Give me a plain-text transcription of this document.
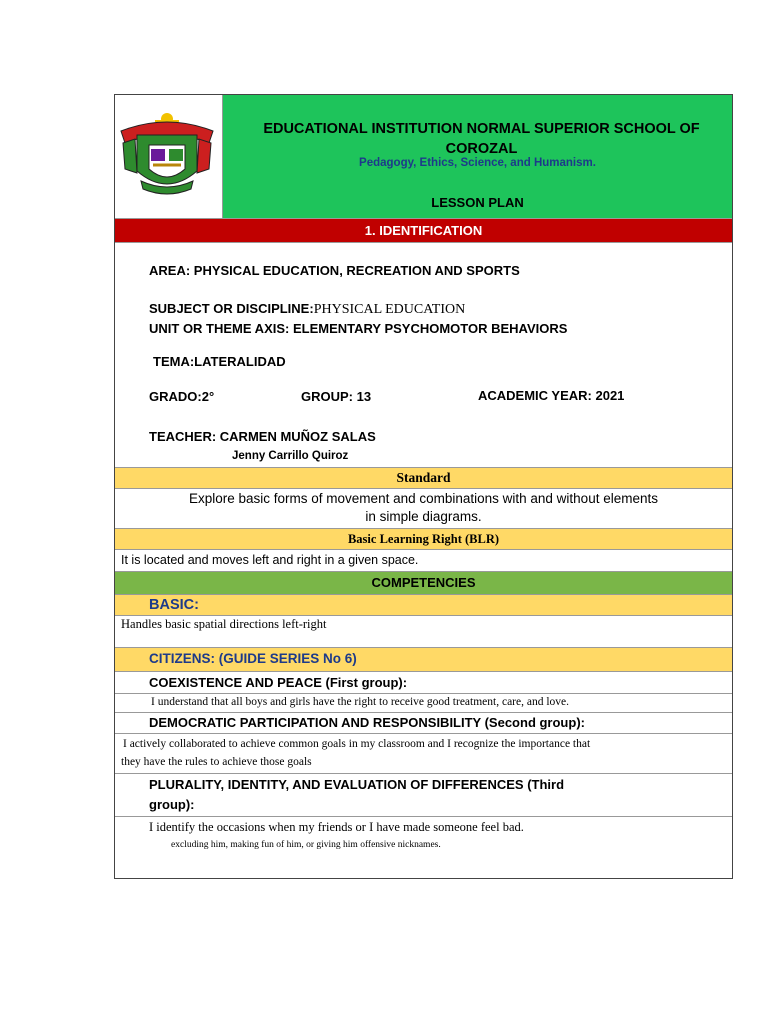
EDUCATIONAL INSTITUTION NORMAL SUPERIOR SCHOOL OF COROZAL
Pedagogy, Ethics, Science, and Humanism.
LESSON PLAN
1. IDENTIFICATION
AREA: PHYSICAL EDUCATION, RECREATION AND SPORTS
SUBJECT OR DISCIPLINE:PHYSICAL EDUCATION
UNIT OR THEME AXIS: ELEMENTARY PSYCHOMOTOR BEHAVIORS
TEMA:LATERALIDAD
GRADO:2°	GROUP: 13	ACADEMIC YEAR: 2021
TEACHER: CARMEN MUÑOZ SALAS
Jenny Carrillo Quiroz
Standard
Explore basic forms of movement and combinations with and without elements
in simple diagrams.
Basic Learning Right (BLR)
It is located and moves left and right in a given space.
COMPETENCIES
BASIC:
Handles basic spatial directions left-right
CITIZENS: (GUIDE SERIES No 6)
COEXISTENCE AND PEACE (First group):
I understand that all boys and girls have the right to receive good treatment, care, and love.
DEMOCRATIC PARTICIPATION AND RESPONSIBILITY (Second group):
I actively collaborated to achieve common goals in my classroom and I recognize the importance that
they have the rules to achieve those goals
PLURALITY, IDENTITY, AND EVALUATION OF DIFFERENCES (Third
group):
I identify the occasions when my friends or I have made someone feel bad.
excluding him, making fun of him, or giving him offensive nicknames.
